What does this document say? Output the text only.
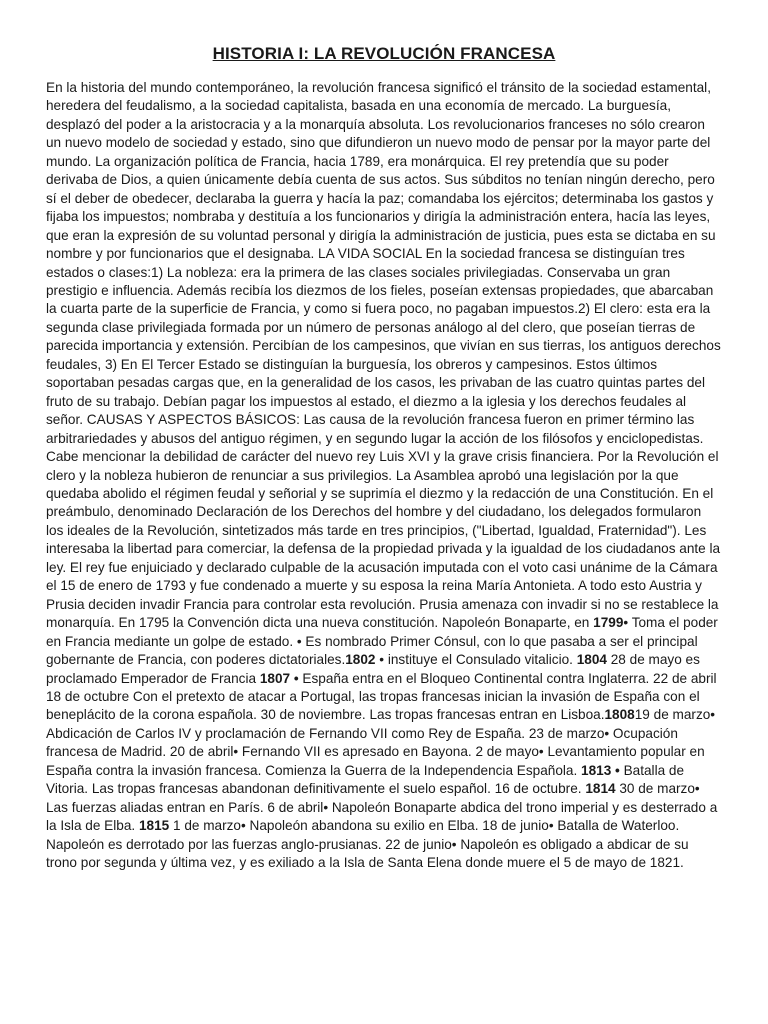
HISTORIA I: LA REVOLUCIÓN FRANCESA

En la historia del mundo contemporáneo, la revolución francesa significó el tránsito de la sociedad estamental, heredera del feudalismo, a la sociedad capitalista, basada en una economía de mercado. La burguesía, desplazó del poder a la aristocracia y a la monarquía absoluta. Los revolucionarios franceses no sólo crearon un nuevo modelo de sociedad y estado, sino que difundieron un nuevo modo de pensar por la mayor parte del mundo. La organización política de Francia, hacia 1789, era monárquica. El rey pretendía que su poder derivaba de Dios, a quien únicamente debía cuenta de sus actos. Sus súbditos no tenían ningún derecho, pero sí el deber de obedecer, declaraba la guerra y hacía la paz; comandaba los ejércitos; determinaba los gastos y fijaba los impuestos; nombraba y destituía a los funcionarios y dirigía la administración entera, hacía las leyes, que eran la expresión de su voluntad personal y dirigía la administración de justicia, pues esta se dictaba en su nombre y por funcionarios que el designaba. LA VIDA SOCIAL En la sociedad francesa se distinguían tres estados o clases:1) La nobleza: era la primera de las clases sociales privilegiadas. Conservaba un gran prestigio e influencia. Además recibía los diezmos de los fieles, poseían extensas propiedades, que abarcaban la cuarta parte de la superficie de Francia, y como si fuera poco, no pagaban impuestos.2) El clero: esta era la segunda clase privilegiada formada por un número de personas análogo al del clero, que poseían tierras de parecida importancia y extensión. Percibían de los campesinos, que vivían en sus tierras, los antiguos derechos feudales, 3) En El Tercer Estado se distinguían la burguesía, los obreros y campesinos. Estos últimos soportaban pesadas cargas que, en la generalidad de los casos, les privaban de las cuatro quintas partes del fruto de su trabajo. Debían pagar los impuestos al estado, el diezmo a la iglesia y los derechos feudales al señor. CAUSAS Y ASPECTOS BÁSICOS: Las causa de la revolución francesa fueron en primer término las arbitrariedades y abusos del antiguo régimen, y en segundo lugar la acción de los filósofos y enciclopedistas. Cabe mencionar la debilidad de carácter del nuevo rey Luis XVI y la grave crisis financiera. Por la Revolución el clero y la nobleza hubieron de renunciar a sus privilegios. La Asamblea aprobó una legislación por la que quedaba abolido el régimen feudal y señorial y se suprimía el diezmo y la redacción de una Constitución. En el preámbulo, denominado Declaración de los Derechos del hombre y del ciudadano, los delegados formularon los ideales de la Revolución, sintetizados más tarde en tres principios, ("Libertad, Igualdad, Fraternidad"). Les interesaba la libertad para comerciar, la defensa de la propiedad privada y la igualdad de los ciudadanos ante la ley. El rey fue enjuiciado y declarado culpable de la acusación imputada con el voto casi unánime de la Cámara el 15 de enero de 1793 y fue condenado a muerte y su esposa la reina María Antonieta. A todo esto Austria y Prusia deciden invadir Francia para controlar esta revolución. Prusia amenaza con invadir si no se restablece la monarquía. En 1795 la Convención dicta una nueva constitución. Napoleón Bonaparte, en 1799• Toma el poder en Francia mediante un golpe de estado. • Es nombrado Primer Cónsul, con lo que pasaba a ser el principal gobernante de Francia, con poderes dictatoriales.1802 • instituye el Consulado vitalicio. 1804 28 de mayo es proclamado Emperador de Francia 1807 • España entra en el Bloqueo Continental contra Inglaterra. 22 de abril 18 de octubre Con el pretexto de atacar a Portugal, las tropas francesas inician la invasión de España con el beneplácito de la corona española. 30 de noviembre. Las tropas francesas entran en Lisboa.180819 de marzo• Abdicación de Carlos IV y proclamación de Fernando VII como Rey de España. 23 de marzo• Ocupación francesa de Madrid. 20 de abril• Fernando VII es apresado en Bayona. 2 de mayo• Levantamiento popular en España contra la invasión francesa. Comienza la Guerra de la Independencia Española. 1813 • Batalla de Vitoria. Las tropas francesas abandonan definitivamente el suelo español. 16 de octubre. 1814 30 de marzo• Las fuerzas aliadas entran en París. 6 de abril• Napoleón Bonaparte abdica del trono imperial y es desterrado a la Isla de Elba. 1815 1 de marzo• Napoleón abandona su exilio en Elba. 18 de junio• Batalla de Waterloo. Napoleón es derrotado por las fuerzas anglo-prusianas. 22 de junio• Napoleón es obligado a abdicar de su trono por segunda y última vez, y es exiliado a la Isla de Santa Elena donde muere el 5 de mayo de 1821.
